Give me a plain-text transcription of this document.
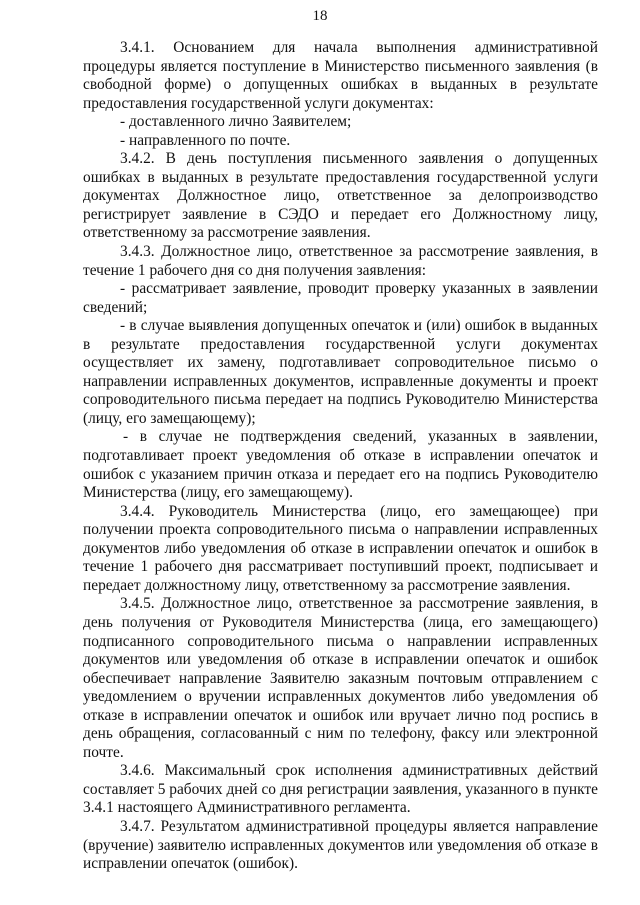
18

3.4.1. Основанием для начала выполнения административной процедуры является поступление в Министерство письменного заявления (в свободной форме) о допущенных ошибках в выданных в результате предоставления государственной услуги документах:

- доставленного лично Заявителем;

- направленного по почте.

3.4.2. В день поступления письменного заявления о допущенных ошибках в выданных в результате предоставления государственной услуги документах Должностное лицо, ответственное за делопроизводство регистрирует заявление в СЭДО и передает его Должностному лицу, ответственному за рассмотрение заявления.

3.4.3. Должностное лицо, ответственное за рассмотрение заявления, в течение 1 рабочего дня со дня получения заявления:

- рассматривает заявление, проводит проверку указанных в заявлении сведений;

- в случае выявления допущенных опечаток и (или) ошибок в выданных в результате предоставления государственной услуги документах осуществляет их замену, подготавливает сопроводительное письмо о направлении исправленных документов, исправленные документы и проект сопроводительного письма передает на подпись Руководителю Министерства (лицу, его замещающему);

- в случае не подтверждения сведений, указанных в заявлении, подготавливает проект уведомления об отказе в исправлении опечаток и ошибок с указанием причин отказа и передает его на подпись Руководителю Министерства (лицу, его замещающему).

3.4.4. Руководитель Министерства (лицо, его замещающее) при получении проекта сопроводительного письма о направлении исправленных документов либо уведомления об отказе в исправлении опечаток и ошибок в течение 1 рабочего дня рассматривает поступивший проект, подписывает и передает должностному лицу, ответственному за рассмотрение заявления.

3.4.5. Должностное лицо, ответственное за рассмотрение заявления, в день получения от Руководителя Министерства (лица, его замещающего) подписанного сопроводительного письма о направлении исправленных документов или уведомления об отказе в исправлении опечаток и ошибок обеспечивает направление Заявителю заказным почтовым отправлением с уведомлением о вручении исправленных документов либо уведомления об отказе в исправлении опечаток и ошибок или вручает лично под роспись в день обращения, согласованный с ним по телефону, факсу или электронной почте.

3.4.6. Максимальный срок исполнения административных действий составляет 5 рабочих дней со дня регистрации заявления, указанного в пункте 3.4.1 настоящего Административного регламента.

3.4.7. Результатом административной процедуры является направление (вручение) заявителю исправленных документов или уведомления об отказе в исправлении опечаток (ошибок).
